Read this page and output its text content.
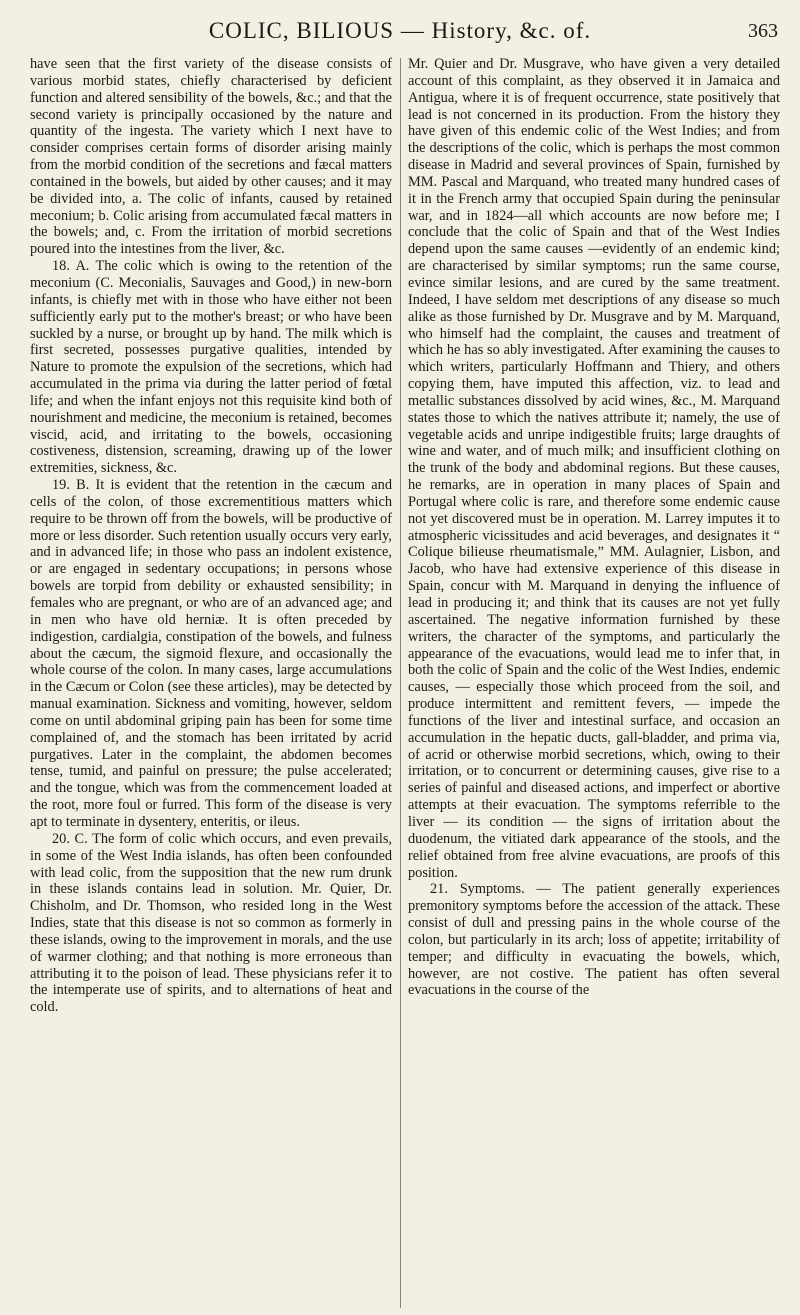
COLIC, BILIOUS — History, &c. of.	363

have seen that the first variety of the disease consists of various morbid states, chiefly characterised by deficient function and altered sensibility of the bowels, &c.; and that the second variety is principally occasioned by the nature and quantity of the ingesta. The variety which I next have to consider comprises certain forms of disorder arising mainly from the morbid condition of the secretions and fæcal matters contained in the bowels, but aided by other causes; and it may be divided into, a. The colic of infants, caused by retained meconium; b. Colic arising from accumulated fæcal matters in the bowels; and, c. From the irritation of morbid secretions poured into the intestines from the liver, &c.

18. A. The colic which is owing to the retention of the meconium (C. Meconialis, Sauvages and Good,) in new-born infants, is chiefly met with in those who have either not been sufficiently early put to the mother's breast; or who have been suckled by a nurse, or brought up by hand. The milk which is first secreted, possesses purgative qualities, intended by Nature to promote the expulsion of the secretions, which had accumulated in the prima via during the latter period of fœtal life; and when the infant enjoys not this requisite kind both of nourishment and medicine, the meconium is retained, becomes viscid, acid, and irritating to the bowels, occasioning costiveness, distension, screaming, drawing up of the lower extremities, sickness, &c.

19. B. It is evident that the retention in the cæcum and cells of the colon, of those excrementitious matters which require to be thrown off from the bowels, will be productive of more or less disorder. Such retention usually occurs very early, and in advanced life; in those who pass an indolent existence, or are engaged in sedentary occupations; in persons whose bowels are torpid from debility or exhausted sensibility; in females who are pregnant, or who are of an advanced age; and in men who have old herniæ. It is often preceded by indigestion, cardialgia, constipation of the bowels, and fulness about the cæcum, the sigmoid flexure, and occasionally the whole course of the colon. In many cases, large accumulations in the Cæcum or Colon (see these articles), may be detected by manual examination. Sickness and vomiting, however, seldom come on until abdominal griping pain has been for some time complained of, and the stomach has been irritated by acrid purgatives. Later in the complaint, the abdomen becomes tense, tumid, and painful on pressure; the pulse accelerated; and the tongue, which was from the commencement loaded at the root, more foul or furred. This form of the disease is very apt to terminate in dysentery, enteritis, or ileus.

20. C. The form of colic which occurs, and even prevails, in some of the West India islands, has often been confounded with lead colic, from the supposition that the new rum drunk in these islands contains lead in solution. Mr. Quier, Dr. Chisholm, and Dr. Thomson, who resided long in the West Indies, state that this disease is not so common as formerly in these islands, owing to the improvement in morals, and the use of warmer clothing; and that nothing is more erroneous than attributing it to the poison of lead. These physicians refer it to the intemperate use of spirits, and to alternations of heat and cold.

Mr. Quier and Dr. Musgrave, who have given a very detailed account of this complaint, as they observed it in Jamaica and Antigua, where it is of frequent occurrence, state positively that lead is not concerned in its production. From the history they have given of this endemic colic of the West Indies; and from the descriptions of the colic, which is perhaps the most common disease in Madrid and several provinces of Spain, furnished by MM. Pascal and Marquand, who treated many hundred cases of it in the French army that occupied Spain during the peninsular war, and in 1824—all which accounts are now before me; I conclude that the colic of Spain and that of the West Indies depend upon the same causes —evidently of an endemic kind; are characterised by similar symptoms; run the same course, evince similar lesions, and are cured by the same treatment. Indeed, I have seldom met descriptions of any disease so much alike as those furnished by Dr. Musgrave and by M. Marquand, who himself had the complaint, the causes and treatment of which he has so ably investigated. After examining the causes to which writers, particularly Hoffmann and Thiery, and others copying them, have imputed this affection, viz. to lead and metallic substances dissolved by acid wines, &c., M. Marquand states those to which the natives attribute it; namely, the use of vegetable acids and unripe indigestible fruits; large draughts of wine and water, and of much milk; and insufficient clothing on the trunk of the body and abdominal regions. But these causes, he remarks, are in operation in many places of Spain and Portugal where colic is rare, and therefore some endemic cause not yet discovered must be in operation. M. Larrey imputes it to atmospheric vicissitudes and acid beverages, and designates it “ Colique bilieuse rheumatismale,” MM. Aulagnier, Lisbon, and Jacob, who have had extensive experience of this disease in Spain, concur with M. Marquand in denying the influence of lead in producing it; and think that its causes are not yet fully ascertained. The negative information furnished by these writers, the character of the symptoms, and particularly the appearance of the evacuations, would lead me to infer that, in both the colic of Spain and the colic of the West Indies, endemic causes, — especially those which proceed from the soil, and produce intermittent and remittent fevers, — impede the functions of the liver and intestinal surface, and occasion an accumulation in the hepatic ducts, gall-bladder, and prima via, of acrid or otherwise morbid secretions, which, owing to their irritation, or to concurrent or determining causes, give rise to a series of painful and diseased actions, and imperfect or abortive attempts at their evacuation. The symptoms referrible to the liver — its condition — the signs of irritation about the duodenum, the vitiated dark appearance of the stools, and the relief obtained from free alvine evacuations, are proofs of this position.

21. Symptoms. — The patient generally experiences premonitory symptoms before the accession of the attack. These consist of dull and pressing pains in the whole course of the colon, but particularly in its arch; loss of appetite; irritability of temper; and difficulty in evacuating the bowels, which, however, are not costive. The patient has often several evacuations in the course of the
